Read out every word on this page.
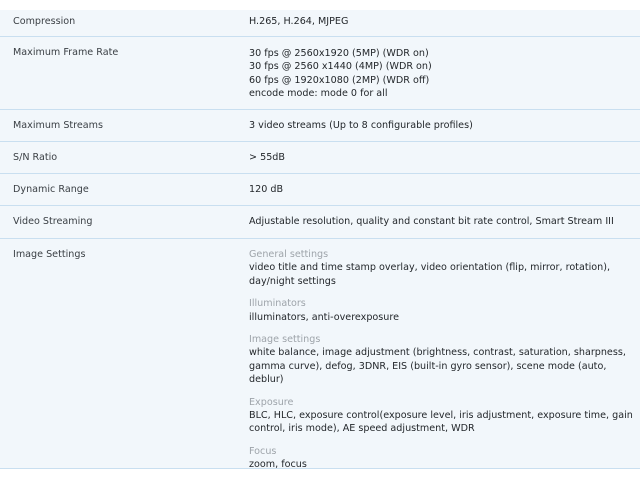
Compression	H.265, H.264, MJPEG
Maximum Frame Rate	30 fps @ 2560x1920 (5MP) (WDR on)
30 fps @ 2560 x1440 (4MP) (WDR on)
60 fps @ 1920x1080 (2MP) (WDR off)
encode mode: mode 0 for all
Maximum Streams	3 video streams (Up to 8 configurable profiles)
S/N Ratio	> 55dB
Dynamic Range	120 dB
Video Streaming	Adjustable resolution, quality and constant bit rate control, Smart Stream III
Image Settings	General settings
video title and time stamp overlay, video orientation (flip, mirror, rotation), day/night settings
Illuminators
illuminators, anti-overexposure
Image settings
white balance, image adjustment (brightness, contrast, saturation, sharpness, gamma curve), defog, 3DNR, EIS (built-in gyro sensor), scene mode (auto, deblur)
Exposure
BLC, HLC, exposure control(exposure level, iris adjustment, exposure time, gain control, iris mode), AE speed adjustment, WDR
Focus
zoom, focus
